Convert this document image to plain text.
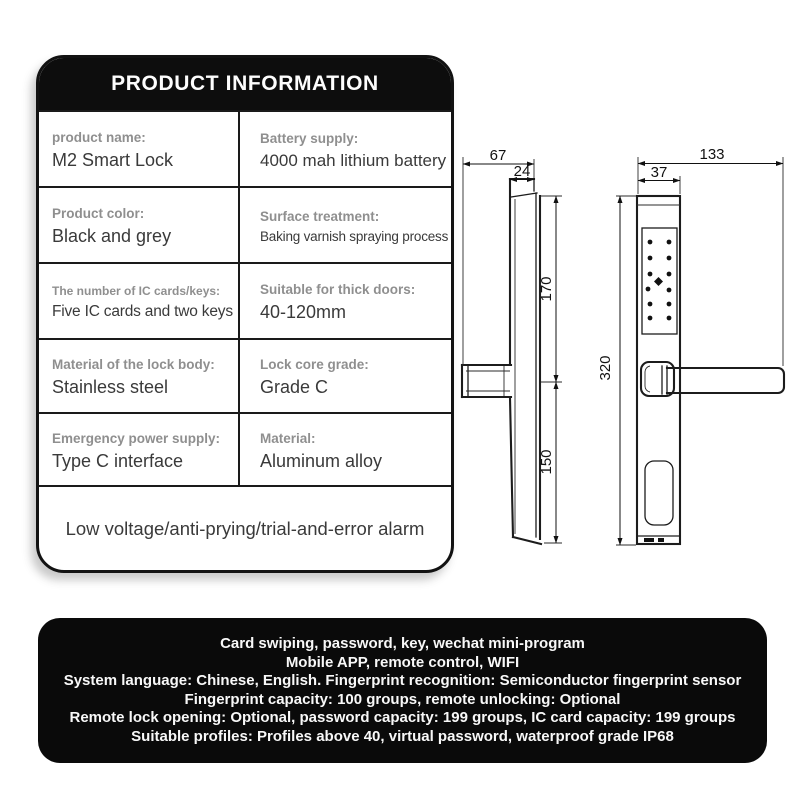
PRODUCT INFORMATION
product name:
M2 Smart Lock
Battery supply:
4000 mah lithium battery
Product color:
Black and grey
Surface treatment:
Baking varnish spraying process
The number of IC cards/keys:
Five IC cards and two keys
Suitable for thick doors:
40-120mm
Material of the lock body:
Stainless steel
Lock core grade:
Grade C
Emergency power supply:
Type C interface
Material:
Aluminum alloy
Low voltage/anti-prying/trial-and-error alarm
67
24
133
37
170
150
320
Card swiping, password, key, wechat mini-program
Mobile APP, remote control, WIFI
System language: Chinese, English. Fingerprint recognition: Semiconductor fingerprint sensor
Fingerprint capacity: 100 groups, remote unlocking: Optional
Remote lock opening: Optional, password capacity: 199 groups, IC card capacity: 199 groups
Suitable profiles: Profiles above 40, virtual password, waterproof grade IP68
